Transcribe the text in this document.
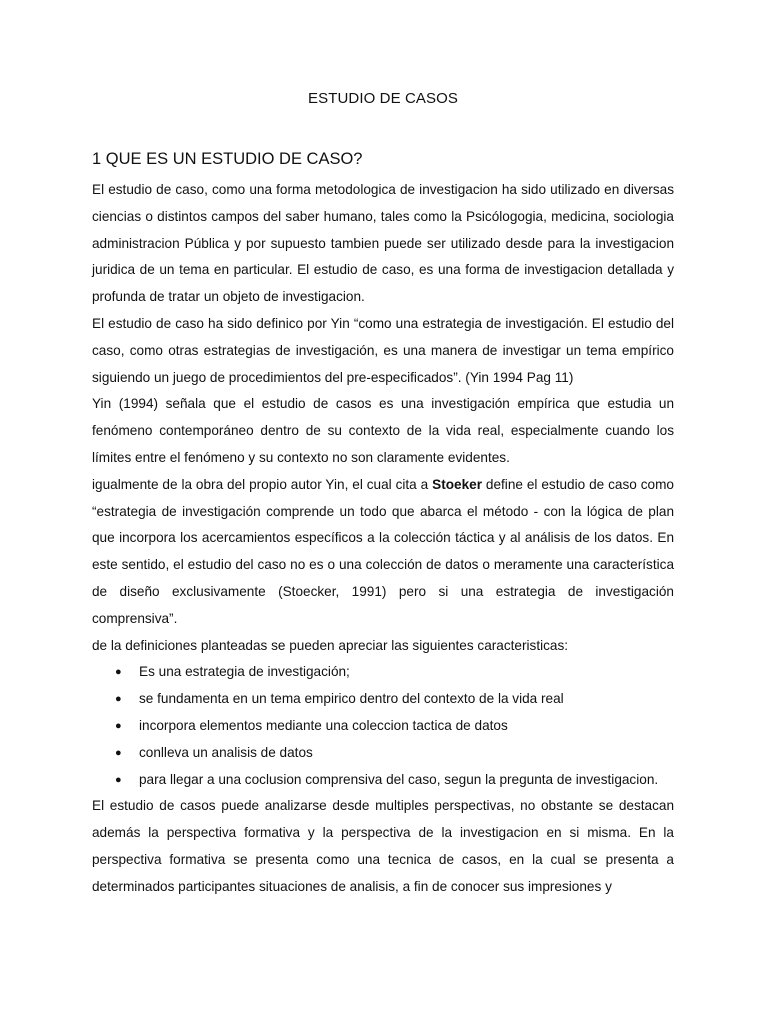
ESTUDIO DE CASOS
1 QUE ES UN ESTUDIO DE CASO?

El estudio de caso, como una forma metodologica de investigacion ha sido utilizado en diversas ciencias o distintos campos del saber humano, tales como la Psicólogogia, medicina, sociologia administracion Pública y por supuesto tambien puede ser utilizado desde para la investigacion juridica de un tema en particular. El estudio de caso, es una forma de investigacion detallada y profunda de tratar un objeto de investigacion.

El estudio de caso ha sido definico por Yin “como una estrategia de investigación. El estudio del caso, como otras estrategias de investigación, es una manera de investigar un tema empírico siguiendo un juego de procedimientos del pre-especificados”. (Yin 1994 Pag 11)

Yin (1994) señala que el estudio de casos es una investigación empírica que estudia un fenómeno contemporáneo dentro de su contexto de la vida real, especialmente cuando los límites entre el fenómeno y su contexto no son claramente evidentes.

igualmente de la obra del propio autor Yin, el cual cita a Stoeker define el estudio de caso como “estrategia de investigación comprende un todo que abarca el método - con la lógica de plan que incorpora los acercamientos específicos a la colección táctica y al análisis de los datos. En este sentido, el estudio del caso no es o una colección de datos o meramente una característica de diseño exclusivamente (Stoecker, 1991) pero si una estrategia de investigación comprensiva”.

de la definiciones planteadas se pueden apreciar las siguientes caracteristicas:

● Es una estrategia de investigación;
● se fundamenta en un tema empirico dentro del contexto de la vida real
● incorpora elementos mediante una coleccion tactica de datos
● conlleva un analisis de datos
● para llegar a una coclusion comprensiva del caso, segun la pregunta de investigacion.

El estudio de casos puede analizarse desde multiples perspectivas, no obstante se destacan además la perspectiva formativa y la perspectiva de la investigacion en si misma. En la perspectiva formativa se presenta como una tecnica de casos, en la cual se presenta a determinados participantes situaciones de analisis, a fin de conocer sus impresiones y
